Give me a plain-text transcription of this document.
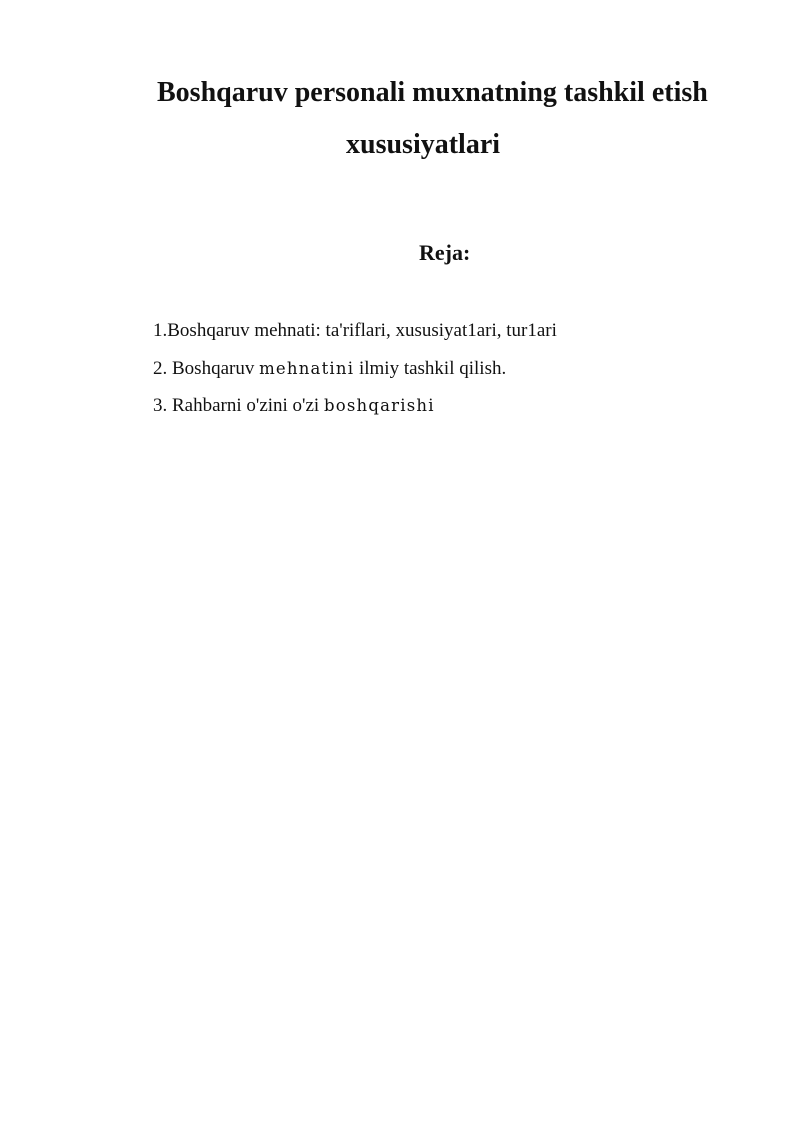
Boshqaruv personali muxnatning tashkil etish
xususiyatlari
Reja:
1.Boshqaruv mehnati: ta'riflari, xususiyat1ari, tur1ari
2. Boshqaruv mehnatini ilmiy tashkil qilish.
3. Rahbarni o'zini o'zi boshqarishi
